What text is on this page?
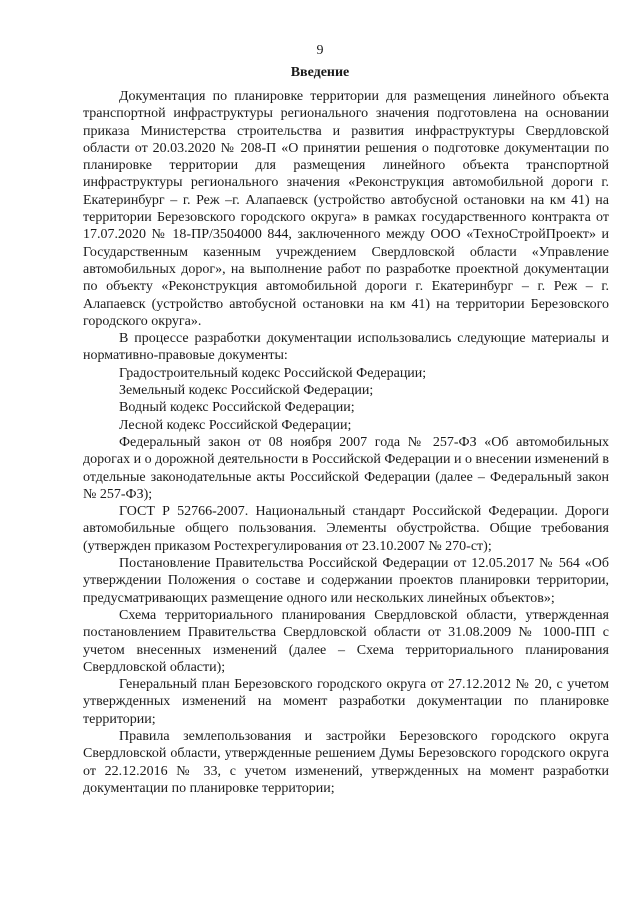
9
Введение

Документация по планировке территории для размещения линейного объекта транспортной инфраструктуры регионального значения подготовлена на основании приказа Министерства строительства и развития инфраструктуры Свердловской области от 20.03.2020 № 208-П «О принятии решения о подготовке документации по планировке территории для размещения линейного объекта транспортной инфраструктуры регионального значения «Реконструкция автомобильной дороги г. Екатеринбург – г. Реж –г. Алапаевск (устройство автобусной остановки на км 41) на территории Березовского городского округа» в рамках государственного контракта от 17.07.2020 № 18-ПР/3504000 844, заключенного между ООО «ТехноСтройПроект» и Государственным казенным учреждением Свердловской области «Управление автомобильных дорог», на выполнение работ по разработке проектной документации по объекту «Реконструкция автомобильной дороги г. Екатеринбург – г. Реж – г. Алапаевск (устройство автобусной остановки на км 41) на территории Березовского городского округа».

В процессе разработки документации использовались следующие материалы и нормативно-правовые документы:

Градостроительный кодекс Российской Федерации;

Земельный кодекс Российской Федерации;

Водный кодекс Российской Федерации;

Лесной кодекс Российской Федерации;

Федеральный закон от 08 ноября 2007 года № 257-ФЗ «Об автомобильных дорогах и о дорожной деятельности в Российской Федерации и о внесении изменений в отдельные законодательные акты Российской Федерации (далее – Федеральный закон № 257-ФЗ);

ГОСТ Р 52766-2007. Национальный стандарт Российской Федерации. Дороги автомобильные общего пользования. Элементы обустройства. Общие требования (утвержден приказом Ростехрегулирования от 23.10.2007 № 270-ст);

Постановление Правительства Российской Федерации от 12.05.2017 № 564 «Об утверждении Положения о составе и содержании проектов планировки территории, предусматривающих размещение одного или нескольких линейных объектов»;

Схема территориального планирования Свердловской области, утвержденная постановлением Правительства Свердловской области от 31.08.2009 № 1000-ПП с учетом внесенных изменений (далее – Схема территориального планирования Свердловской области);

Генеральный план Березовского городского округа от 27.12.2012 № 20, с учетом утвержденных изменений на момент разработки документации по планировке территории;

Правила землепользования и застройки Березовского городского округа Свердловской области, утвержденные решением Думы Березовского городского округа от 22.12.2016 № 33, с учетом изменений, утвержденных на момент разработки документации по планировке территории;
